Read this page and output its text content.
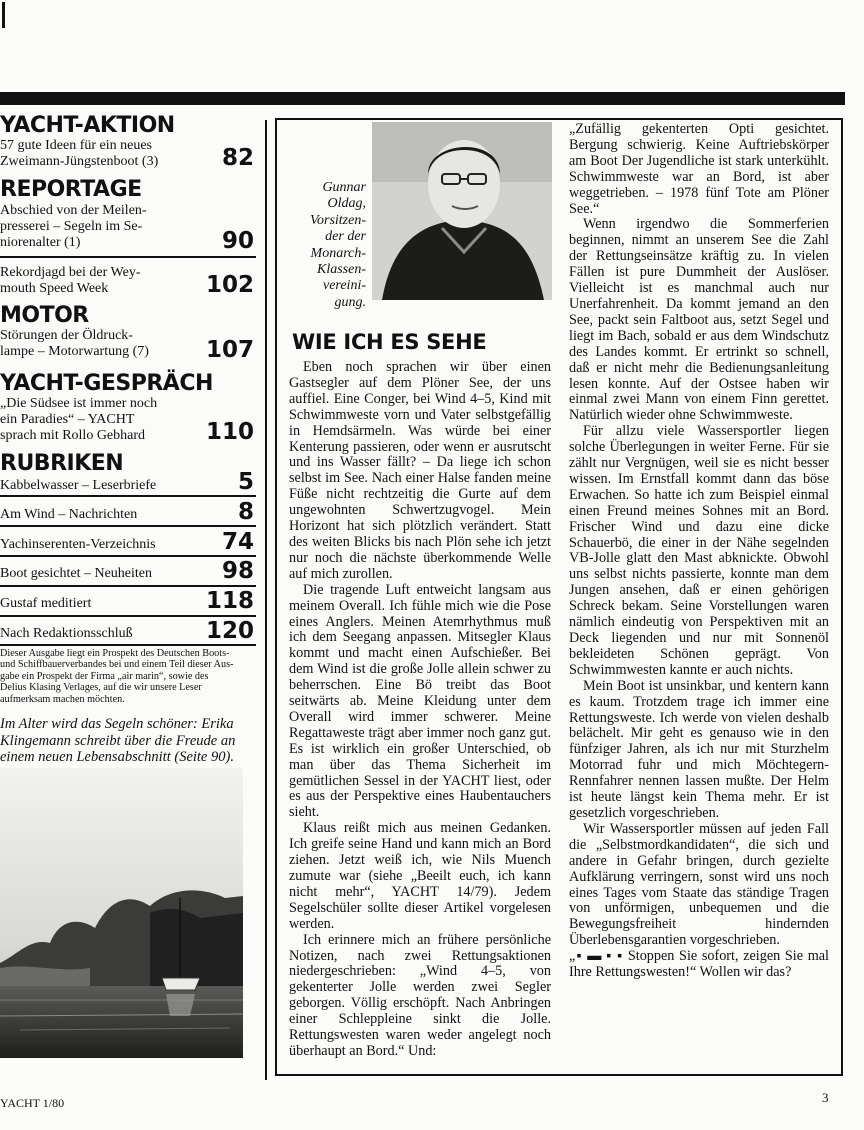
YACHT-AKTION
57 gute Ideen für ein neues
Zweimann-Jüngstenboot (3)	82
REPORTAGE
Abschied von der Meilen-
presserei – Segeln im Se-
niorenalter (1)	90
Rekordjagd bei der Wey-
mouth Speed Week	102
MOTOR
Störungen der Öldruck-
lampe – Motorwartung (7)	107
YACHT-GESPRÄCH
„Die Südsee ist immer noch
ein Paradies“ – YACHT
sprach mit Rollo Gebhard	110
RUBRIKEN
Kabbelwasser – Leserbriefe	5
Am Wind – Nachrichten	8
Yachinserenten-Verzeichnis	74
Boot gesichtet – Neuheiten	98
Gustaf meditiert	118
Nach Redaktionsschluß	120
Dieser Ausgabe liegt ein Prospekt des Deutschen Boots-
und Schiffbauerverbandes bei und einem Teil dieser Aus-
gabe ein Prospekt der Firma „air marin“, sowie des
Delius Klasing Verlages, auf die wir unsere Leser
aufmerksam machen möchten.
Im Alter wird das Segeln schöner: Erika
Klingemann schreibt über die Freude an
einem neuen Lebensabschnitt (Seite 90).
Gunnar
Oldag,
Vorsitzen-
der der
Monarch-
Klassen-
vereini-
gung.
WIE ICH ES SEHE

Eben noch sprachen wir über einen Gastsegler auf dem Plöner See, der uns auffiel. Eine Conger, bei Wind 4–5, Kind mit Schwimmweste vorn und Vater selbstgefällig in Hemdsärmeln. Was würde bei einer Kenterung passieren, oder wenn er ausrutscht und ins Wasser fällt? – Da liege ich schon selbst im See. Nach einer Halse fanden meine Füße nicht rechtzeitig die Gurte auf dem ungewohnten Schwertzugvogel. Mein Horizont hat sich plötzlich verändert. Statt des weiten Blicks bis nach Plön sehe ich jetzt nur noch die nächste überkommende Welle auf mich zurollen.

Die tragende Luft entweicht langsam aus meinem Overall. Ich fühle mich wie die Pose eines Anglers. Meinen Atemrhythmus muß ich dem Seegang anpassen. Mitsegler Klaus kommt und macht einen Aufschießer. Bei dem Wind ist die große Jolle allein schwer zu beherrschen. Eine Bö treibt das Boot seitwärts ab. Meine Kleidung unter dem Overall wird immer schwerer. Meine Regattaweste trägt aber immer noch ganz gut. Es ist wirklich ein großer Unterschied, ob man über das Thema Sicherheit im gemütlichen Sessel in der YACHT liest, oder es aus der Perspektive eines Haubentauchers sieht.

Klaus reißt mich aus meinen Gedanken. Ich greife seine Hand und kann mich an Bord ziehen. Jetzt weiß ich, wie Nils Muench zumute war (siehe „Beeilt euch, ich kann nicht mehr“, YACHT 14/79). Jedem Segelschüler sollte dieser Artikel vorgelesen werden.

Ich erinnere mich an frühere persönliche Notizen, nach zwei Rettungsaktionen niedergeschrieben: „Wind 4–5, von gekenterter Jolle werden zwei Segler geborgen. Völlig erschöpft. Nach Anbringen einer Schleppleine sinkt die Jolle. Rettungswesten waren weder angelegt noch überhaupt an Bord.“ Und:

„Zufällig gekenterten Opti gesichtet. Bergung schwierig. Keine Auftriebskörper am Boot Der Jugendliche ist stark unterkühlt. Schwimmweste war an Bord, ist aber weggetrieben. – 1978 fünf Tote am Plöner See.“

Wenn irgendwo die Sommerferien beginnen, nimmt an unserem See die Zahl der Rettungseinsätze kräftig zu. In vielen Fällen ist pure Dummheit der Auslöser. Vielleicht ist es manchmal auch nur Unerfahrenheit. Da kommt jemand an den See, packt sein Faltboot aus, setzt Segel und liegt im Bach, sobald er aus dem Windschutz des Landes kommt. Er ertrinkt so schnell, daß er nicht mehr die Bedienungsanleitung lesen konnte. Auf der Ostsee haben wir einmal zwei Mann von einem Finn gerettet. Natürlich wieder ohne Schwimmweste.

Für allzu viele Wassersportler liegen solche Überlegungen in weiter Ferne. Für sie zählt nur Vergnügen, weil sie es nicht besser wissen. Im Ernstfall kommt dann das böse Erwachen. So hatte ich zum Beispiel einmal einen Freund meines Sohnes mit an Bord. Frischer Wind und dazu eine dicke Schauerbö, die einer in der Nähe segelnden VB-Jolle glatt den Mast abknickte. Obwohl uns selbst nichts passierte, konnte man dem Jungen ansehen, daß er einen gehörigen Schreck bekam. Seine Vorstellungen waren nämlich eindeutig von Perspektiven mit an Deck liegenden und nur mit Sonnenöl bekleideten Schönen geprägt. Von Schwimmwesten kannte er auch nichts.

Mein Boot ist unsinkbar, und kentern kann es kaum. Trotzdem trage ich immer eine Rettungsweste. Ich werde von vielen deshalb belächelt. Mir geht es genauso wie in den fünfziger Jahren, als ich nur mit Sturzhelm Motorrad fuhr und mich Möchtegern-Rennfahrer nennen lassen mußte. Der Helm ist heute längst kein Thema mehr. Er ist gesetzlich vorgeschrieben.

Wir Wassersportler müssen auf jeden Fall die „Selbstmordkandidaten“, die sich und andere in Gefahr bringen, durch gezielte Aufklärung verringern, sonst wird uns noch eines Tages vom Staate das ständige Tragen von unförmigen, unbequemen und die Bewegungsfreiheit hindernden Überlebensgarantien vorgeschrieben.

„▪ ▬ ▪ ▪ Stoppen Sie sofort, zeigen Sie mal Ihre Rettungswesten!“ Wollen wir das?

YACHT 1/80	3
